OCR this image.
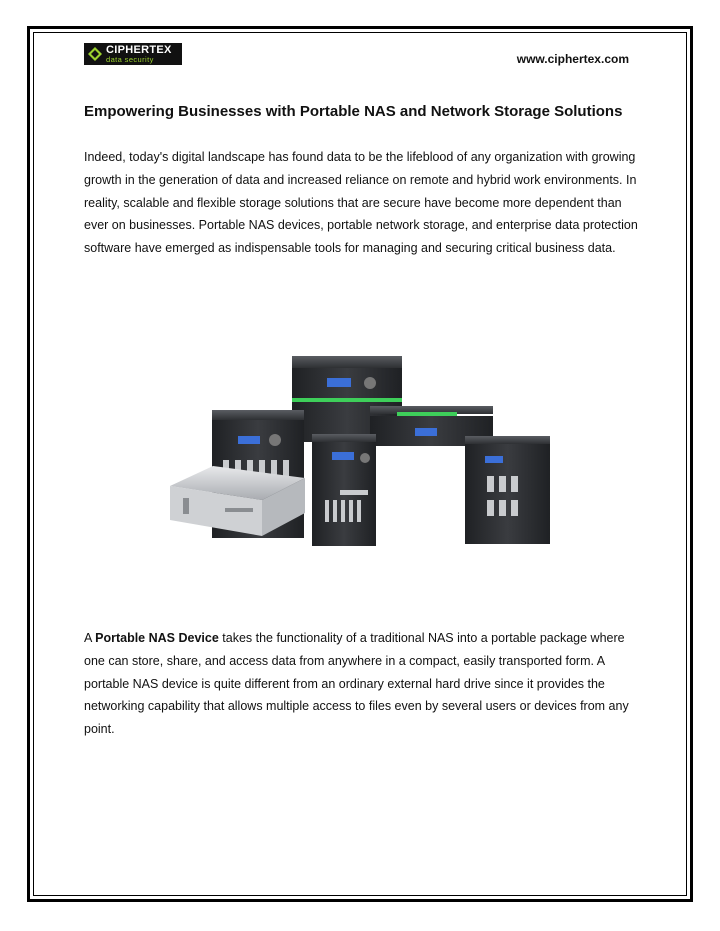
CIPHERTEX
data security	www.ciphertex.com
Empowering Businesses with Portable NAS and Network Storage Solutions

Indeed, today's digital landscape has found data to be the lifeblood of any organization with growing growth in the generation of data and increased reliance on remote and hybrid work environments. In reality, scalable and flexible storage solutions that are secure have become more dependent than ever on businesses. Portable NAS devices, portable network storage, and enterprise data protection software have emerged as indispensable tools for managing and securing critical business data.

A Portable NAS Device takes the functionality of a traditional NAS into a portable package where one can store, share, and access data from anywhere in a compact, easily transported form. A portable NAS device is quite different from an ordinary external hard drive since it provides the networking capability that allows multiple access to files even by several users or devices from any point.
